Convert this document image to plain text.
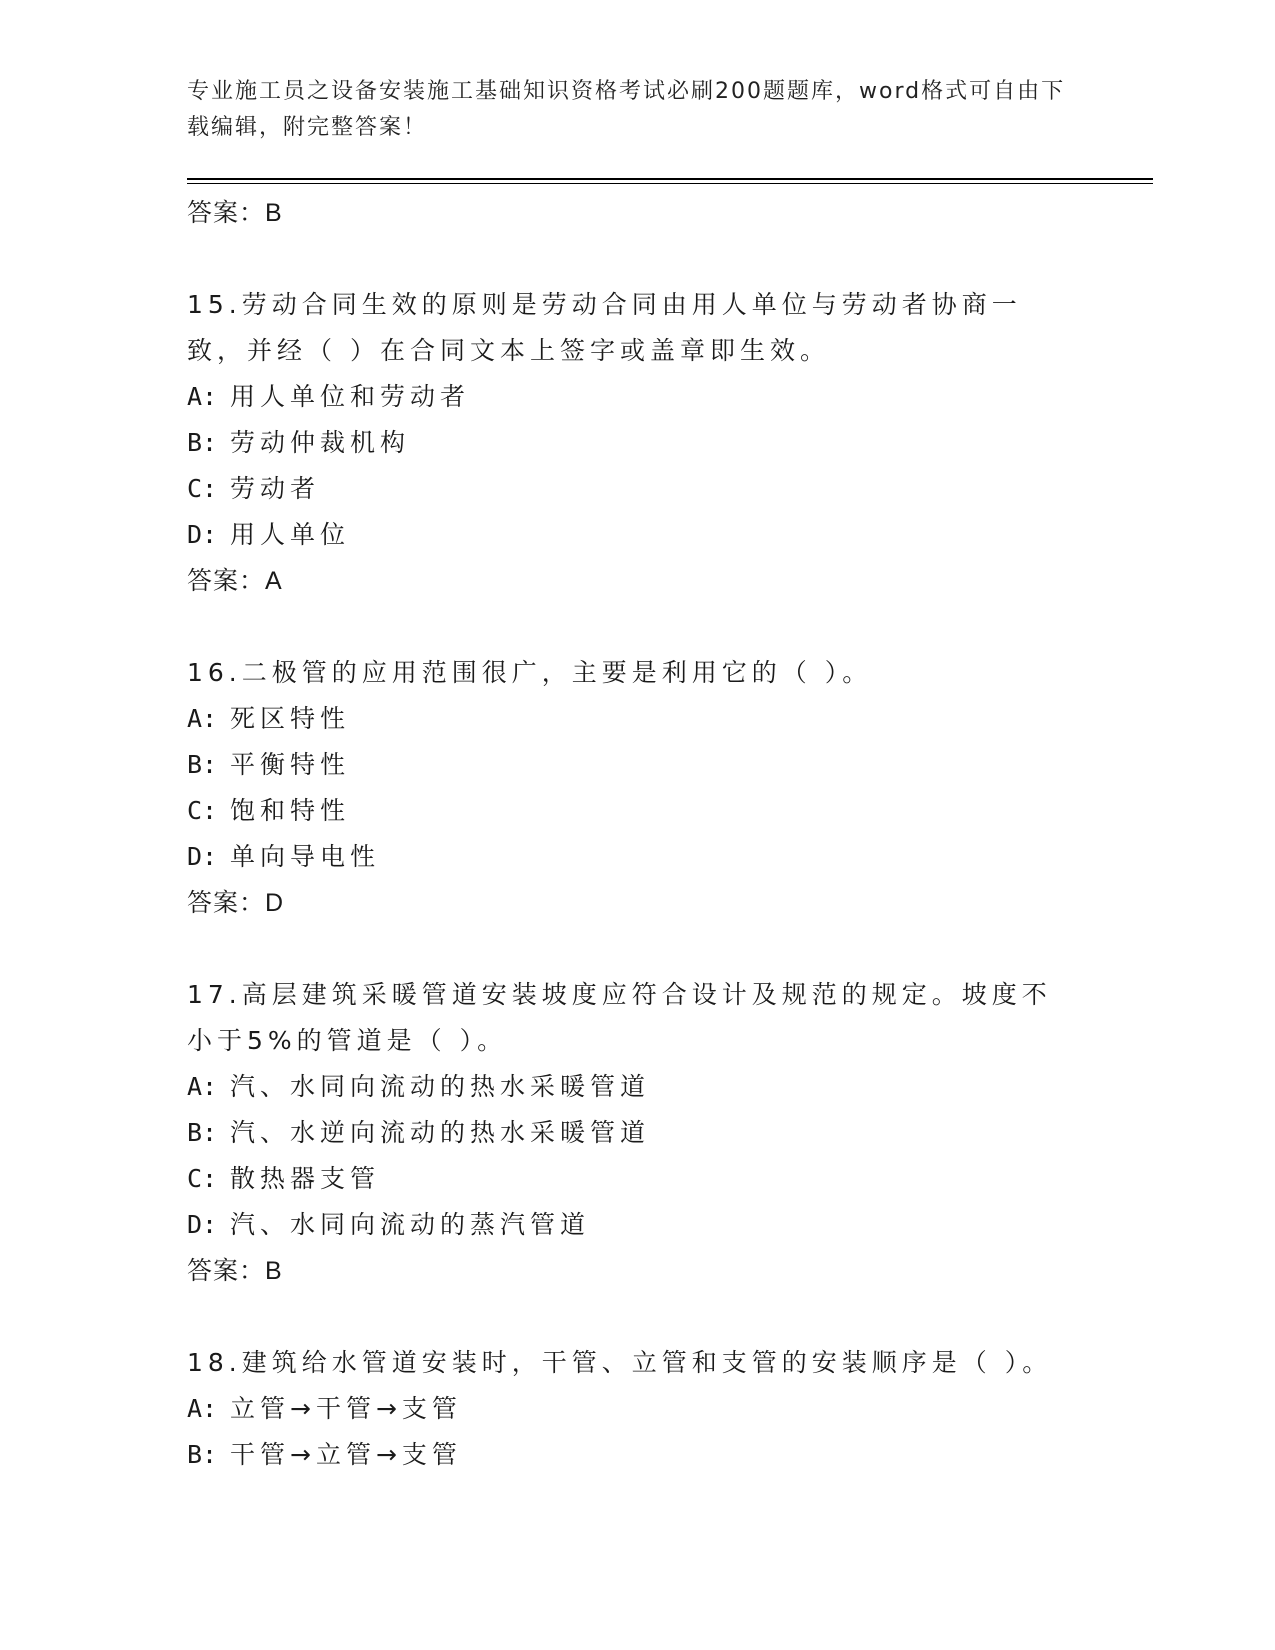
专业施工员之设备安装施工基础知识资格考试必刷200题题库，word格式可自由下载编辑，附完整答案！
答案：B
15.劳动合同生效的原则是劳动合同由用人单位与劳动者协商一致，并经（ ）在合同文本上签字或盖章即生效。
A: 用人单位和劳动者
B: 劳动仲裁机构
C: 劳动者
D: 用人单位
答案：A
16.二极管的应用范围很广，主要是利用它的（ ）。
A: 死区特性
B: 平衡特性
C: 饱和特性
D: 单向导电性
答案：D
17.高层建筑采暖管道安装坡度应符合设计及规范的规定。坡度不小于5%的管道是（ ）。
A: 汽、水同向流动的热水采暖管道
B: 汽、水逆向流动的热水采暖管道
C: 散热器支管
D: 汽、水同向流动的蒸汽管道
答案：B
18.建筑给水管道安装时，干管、立管和支管的安装顺序是（ ）。
A: 立管→干管→支管
B: 干管→立管→支管
